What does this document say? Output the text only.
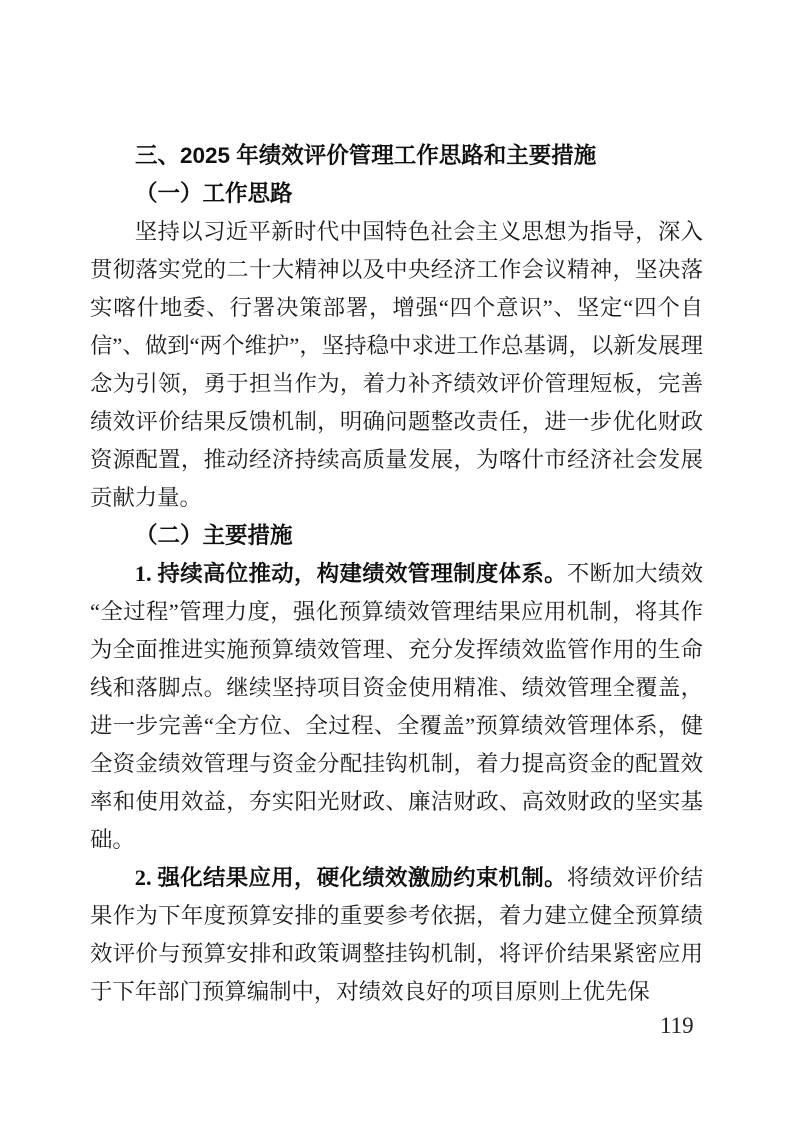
三、2025 年绩效评价管理工作思路和主要措施
（一）工作思路

坚持以习近平新时代中国特色社会主义思想为指导，深入贯彻落实党的二十大精神以及中央经济工作会议精神，坚决落实喀什地委、行署决策部署，增强“四个意识”、坚定“四个自信”、做到“两个维护”，坚持稳中求进工作总基调，以新发展理念为引领，勇于担当作为，着力补齐绩效评价管理短板，完善绩效评价结果反馈机制，明确问题整改责任，进一步优化财政资源配置，推动经济持续高质量发展，为喀什市经济社会发展贡献力量。

（二）主要措施

1. 持续高位推动，构建绩效管理制度体系。不断加大绩效“全过程”管理力度，强化预算绩效管理结果应用机制，将其作为全面推进实施预算绩效管理、充分发挥绩效监管作用的生命线和落脚点。继续坚持项目资金使用精准、绩效管理全覆盖，进一步完善“全方位、全过程、全覆盖”预算绩效管理体系，健全资金绩效管理与资金分配挂钩机制，着力提高资金的配置效率和使用效益，夯实阳光财政、廉洁财政、高效财政的坚实基础。

2. 强化结果应用，硬化绩效激励约束机制。将绩效评价结果作为下年度预算安排的重要参考依据，着力建立健全预算绩效评价与预算安排和政策调整挂钩机制，将评价结果紧密应用于下年部门预算编制中，对绩效良好的项目原则上优先保

119
